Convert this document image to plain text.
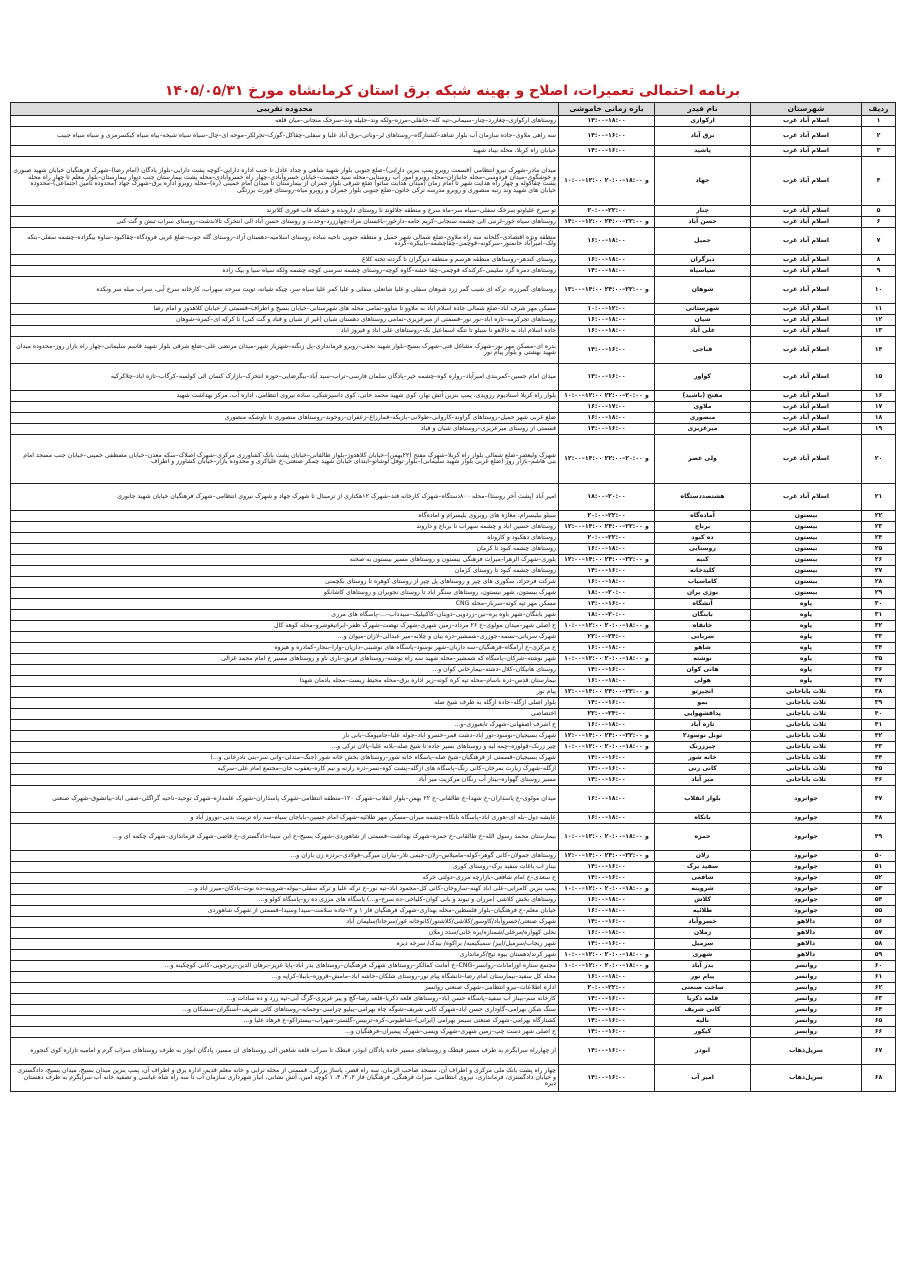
برنامه احتمالی تعمیرات، اصلاح و بهینه شبکه برق استان کرمانشاه مورخ ۱۴۰۵/۰۵/۳۱
ردیف	شهرستان	نام فیدر	بازه زمانی خاموشی	محدوده تقریبی
۱	اسلام آباد غرب	ارکوازی	۱۴:۰۰–۱۸:۰۰	روستاهای ارکوازی–چغازرد–چنار–سیمانی–تپه کله–خانقلی–مرزه–ولکه وند–جلیله وند–سرخک منجانی–میان قلعه
۲	اسلام آباد غرب	برق آباد	۱۴:۰۰–۱۶:۰۰	سه راهی ملاوی–جاده سازمان آب بلوار شاهد–کشتارگاه–روستاهای لر–وناتی–برق آباد علیا و سفلی–چقاکل–گورک–تجرلکر–موحه ای–چال–سیاه سیاه شیخه–بیاه سیاه کیکسرمزی و سیاه سیاه جبیب
۳	اسلام آباد غرب	پاشید	۱۴:۰۰–۱۶:۰۰	خیابان راه کربلا، محله بیناد شهید
۴	اسلام آباد غرب	جهاد	۱۰:۰۰–۱۲:۰۰ و ۱۸:۰۰–۲۰:۰۰	میدان مادر–شهرک نیرو انتظامی (قسمت روبرو پمپ بنزین دارایی)–ضلع جنوبی بلوار شهید شاهی و جداد عادل تا جنب اداره دارایی–کوچه پشت دارایی–بلوار پادگان (امام رضا)–شهرک فرهنگیان خیابان شهید صبوری و خوشگوی–میدان فردوسی–محله جانبازان–محله روبرو امور آب روستایی–محله سید حشمت–خیابان خسروآبادی–چهار راه خسروآبادی–محله پشت بیمارستان جنب دیوار بیمارستان–بلوار معلم تا چهار راه محله پشت چقاکوله و چهار راه هدایت شهر تا امام زمان (میدان هدایت ساتو) ضلع شرقی بلوار جمران از بیمارستان تا میدان امام خمینی (ره)–محله روبرو اداره برق–شهرک جهاد (محدوده تامین اجتماعی)–محدوده خیابان های شهید وند رتبه منصوری و روبرو مدرسه ترکی خاتون–ضلع جنوبی بلوار جمران و روبرو میاه–روستای قورت برزنگی
۵	اسلام آباد غرب	چنار	۲۰:۰۰–۲۲:۰۰	تو سرخ علیاوتو سرخک سفلی–سیاه سر–ماه سرخ و منطقه جلالوند تا روستای دارونده و خشکه قاب قوری کلاترند
۶	اسلام آباد غرب	حسن آباد	۱۴:۰۰–۱۲:۰۰ و ۲۲:۰۰–۲۴:۰۰	روستاهای سیاه خور–لرنبی الی چشمه سنجابی–کریم حامه–دارخور–باغستان مراد–چهارزرد–وحدت و روستای حسن آباد الی انتخرک تالاندشت–روستای سراب تبش و گت کنی
۷	اسلام آباد غرب	حمیل	۱۶:۰۰–۱۸:۰۰	منطقه ونژه اقتصادی–گلخانه سه راه ملاوی–ضلع شمالی شهر حمیل و منطقه جنوبی ناحیه ساده روستای اسلامیه–دهستان آزاد–روستای گله جوب–ضلع غربی فرودگاه–چقاکبود–ساوه بیگزاده–چشمه سفلی–بنکه ولک–امیرآباد خانمنور–سرکونه–قوچمی–چقاچشمه–بابیکره–کرده
۸	اسلام آباد غرب	دیزگران	۱۶:۰۰–۱۸:۰۰	روستای کندهر–روستاهای منطقه هرسم و منطقه دیزگران تا گردنه تخته کلاغ
۹	اسلام آباد غرب	سیاسیاه	۱۴:۰۰–۱۸:۰۰	روستاهای دمره گرد سلیمی–کرکندکه قوچمی–چقا حشه–گاوه کوچه–روستای چشمه سرسی کوچه چشمه ولکه سیاه سیا و بیک زاده
۱۰	اسلام آباد غرب	شوهان	۱۲:۰۰–۱۴:۰۰ و ۲۲:۰۰–۲۴:۰۰	روستاهای گمرزره، ترکه ای شیب گمر زرد شوهان سفلی و علیا شانعلی سفلی و علیا کمر علیا سیاه سر، چیکه شیانه، تویت سرحه سهراب، کارخانه سرخ آبی، سراب میله سر ونکده
۱۱	اسلام آباد غرب	شهرستانی	۱۰:۰۰–۱۲:۰۰	مسکن مهر شرف اباد–ضلع شمالی جاده اسلام اباد به ملاوو تا ساوو–تمامی محله های شهرستانی–خیابان بسیج و اطراف–قسمتی از خیابان کلاهدوز و امام رضا
۱۲	اسلام آباد غرب	شیان	۱۶:۰۰–۱۸:۰۰	روستاهای تجرکرمه–تازه اباد–نور نور–قسمتی از میرعزیزی–تمامی روستاهای دهستان شیان (غیر از شیان و قباد و گت کنی) تا کرکه ای–کمره–شوهان
۱۳	اسلام آباد غرب	علی آباد	۱۶:۰۰–۱۸:۰۰	جاده اسلام اباد به دالاهو تا سیلو تا تنگه اسماعیل بک–روستاهای علی اباد و قیروز اباد
۱۴	اسلام آباد غرب	قباجی	۱۴:۰۰–۱۶:۰۰	بدره ای–مسکن مهر نور–شهرک مشاغل فنی–شهرک بسیج–بلوار شهید نجفی–روبرو فرماندازی–پل زنگنه–شهریار شهر–میدان مرتضی علی–ضلع شرقی بلوار شهید قاسم سلیمانی–چهار راه بازار روز–محدوده میدان شهید بهشتی و بلوار پیام نور
۱۵	اسلام آباد غرب	کواور	۱۴:۰۰–۱۶:۰۰	میدان امام حسین–کمربندی امیرآباد–رواره کوه–چشمه خیر–پادگان سلمان فارسی–تراب–سید آباد–بیگرضایی–حوزه انتخرک–بازارک کسان الی کولسه–کرگاب–تازه اباد–چلاکرکیه
۱۶	اسلام آباد غرب	مفتح (باشید)	۱۰:۰۰–۱۲:۰۰ و ۲۰:۰۰–۲۲:۰۰	بلوار راه کربلا استادیوم رزویدی، پمپ بنزین آتش نهار، کوی شهید محمد خانی، کوی داسپزشکی، ساده نیروی انتظامی، اداره آب، مرکز بهداشت شهید
۱۷	اسلام آباد غرب	ملاوی	۱۶:۰۰–۱۷:۰۰	
۱۸	اسلام آباد غرب	منصوری	۱۶:۰۰–۱۸:۰۰	ضلع غربی شهر حمیل–روستاهای گراوند–کاروانی–طولانی–بازیکه–قمارزاغ–زعفران–روخوند–روستاهای منصوری تا ناوشکه منصوری
۱۹	اسلام آباد غرب	میرعزیزی	۱۴:۰۰–۱۶:۰۰	قسمتی از روستای میرعزیزی–روستاهای شیان و قباد
۲۰	اسلام آباد غرب	ولی عصر	۱۲:۰۰–۱۴:۰۰ و ۲۰:۰۰–۲۲:۰۰	شهرک ولیعصر–ضلع شمالی بلوار راه کربلا–شهرک مفتح (۲۲بهمن)–خیابان کلاهدوز–بلوار طالقانی–خیابان پشت بانک کشاورزی مرکزی–شهرک اصلاک–سکه معدن–خیابان مصطفی خمینی–خیابان جنب مسجد امام بنی هاشم–بازار روز (ضلع غربی بلوار شهید سلیمانی)–بلوار توفل لوشاتو–ابتدای خیابان شهید چمکر صنعتی–خ علیاکری و محدوده بازار–خیابان کشاورز و اطراف
۲۱	اسلام آباد غرب	هشتصددستگاه	۱۸:۰۰–۲۰:۰۰	امیر آباد (پشت آخر روستا)–محله ۸۰۰دستگاه–شهرک کارخانه قند–شهرک ۱۲هکتاری از ترمینال تا شهرک جهاد و شهرک نیروی انتظامی–شهرک فرهنگیان خیابان شهید جانوری
۲۲	بیستون	آماده‌گاه	۲۰:۰۰–۲۲:۰۰	سیلو بیلیسرام، مغازه های روبروی بلیسرام و اماده‌گاه
۲۳	بیستون	برناج	۱۲:۰۰–۱۴:۰۰ و ۲۲:۰۰–۲۴:۰۰	روستاهای حسین اباد و چشمه سهراب تا برناج و داروند
۲۴	بیستون	ده کبود	۲۰:۰۰–۲۲:۰۰	روستاهای دهکبود و کاروناه
۲۵	بیستون	روستایی	۱۶:۰۰–۱۸:۰۰	روستاهای چشمه کبود تا کرمان
۲۶	بیستون	کنبه	۱۲:۰۰–۱۴:۰۰ و ۲۲:۰۰–۲۴:۰۰	بلوری–شهرک الزهرا–میراث فرهنگی بیستون و روستاهای مسیر بیستون به صحنه
۲۷	بیستون	کلیدخانه	۱۴:۰۰–۱۶:۰۰	روستاهای چشمه کبود تا روستای کرمان
۲۸	بیستون	کاماسیاب	۱۶:۰۰–۱۸:۰۰	شرکت فرحزاد، سکوری های چپر و روستاهای پل چپر از روستای کوهره تا روستای بکچمنی
۲۹	بیستون	نوژی بران	۱۸:۰۰–۲۰:۰۰	شهرک بیستون، شهر بیستون، روستاهای سنگر اباد تا روستای نجوبران و روستاهای کاشانکو
۳۰	پاوه	آتشگاه	۱۴:۰۰–۱۶:۰۰	مسکن مهر تپه کوته–سرباز–محله CNG
۳۱	پاوه	بابنگان	۱۸:۰۰–۲۰:۰۰	شهر بابنگان–شهر باوه بره–نین–زردویی–دوینان–کاکبیلیک–سیدداب–...–پاسگاه های مرزی
۳۲	پاوه	خانقاه	۱۰:۰۰–۱۲:۰۰ و ۱۸:۰۰–۲۰:۰۰	خ اصلی شهر–میدان مولوی–خ ۲۶ مرداد–زمین شهری–شهرک نهضت–شهرک ظفر–ابراتیغوشرو–محله کوهه کال
۳۳	پاوه	سربانی	۲۲:۰۰–۲۴:۰۰	شهرک سربانی–نسمه–جوزری–شمشیر–دره بیان و چلانه–میر عبدالی–لازان–میوان و...
۳۴	پاوه	شاهو	۱۶:۰۰–۱۸:۰۰	خ مرکزی–خ آرامگاه–فرهنگیان–سه داربان–شهر نوسود–پاسگاه های نوشینی–داریان–وارا–بنجار–کمادره و هیروه
۳۵	پاوه	نوشته	۱۰:۰۰–۱۲:۰۰ و ۱۸:۰۰–۲۰:۰۰	شهر نوشته–شرکان–پاسگاه که شمشیر–محله شهید سه راه نوشته–روستاهای فرنق–ناری ناو و روستاهای مسیر خ امام محمد غزالی
۳۶	پاوه	هانی کوان	۱۴:۰۰–۱۶:۰۰	روستای هانیکان–کلال–دشته–بیمارخانی کوان و...
۳۷	پاوه	هولی	۱۶:۰۰–۱۸:۰۰	بیمارستان قدس–دره باسام–محله تپه کره کوته–زیر اداره برق–محله محیط زیست–محله یادمان شهدا
۳۸	ثلاث باباجانی	انجیرتو	۱۲:۰۰–۱۴:۰۰ و ۲۲:۰۰–۲۴:۰۰	پیام نور
۳۹	ثلاث باباجانی	بمو	۱۴:۰۰–۱۶:۰۰	بلوار اصلی ازگله–جاده ازگله به طرف شیخ صله
۴۰	ثلاث باباجانی	پداقشهوایی	۲۲:۰۰–۲۴:۰۰	اختصاصی
۴۱	ثلاث باباجانی	تازه آباد	۱۶:۰۰–۱۸:۰۰	خ اشرف اصفهانی–شهرک تابعیوری–و...
۴۲	ثلاث باباجانی	تونل نوسود۲	۱۲:۰۰–۱۴:۰۰ و ۲۲:۰۰–۲۴:۰۰	شهرک بسیجیان–نوسود–تور اباد–دشت قمر–خسرو اباد–جوله علیا–جامیومک–بانی نار
۴۳	ثلاث باباجانی	چیرزرنک	۱۰:۰۰–۱۲:۰۰ و ۱۸:۰۰–۲۰:۰۰	چیر زرنک–قولوره–چمه لیه و روستاهای بسیر جاده تا شیخ صله–بلانه علیا–پالان ترکی و...
۴۴	ثلاث باباجانی	خانه شور	۱۴:۰۰–۱۶:۰۰	شهرک بسیجیان–قسمتی از فرهنگیان–شیخ صله–پاسگاه خانه شور–روستاهای بخش خانه شور (جنگ–مندلی–وانی سر–بنی نادرخانی و...)
۴۵	ثلاث باباجانی	کانی زنی	۱۴:۰۰–۱۶:۰۰	ازگله–شهرک زیارت نمرخان–کانی رنگ–پاسگاه های ازگله–پشت کوه–نسر–دره رازنه و نیم کاره–یعقوب جان–مجتمع امام علی–سرکیه
۴۶	ثلاث باباجانی	میر آباد	۱۴:۰۰–۱۶:۰۰	مسیر روستای گهواره–بیناز آب رنگان مرکزیت میر آباد
۴۷	جوانرود	بلوار انقلاب	۱۶:۰۰–۱۸:۰۰	میدان مولوی–خ پاسداران–خ شهدا–خ طالقانی–خ ۲۲ بهمن–بلوار انقلاب–شهرک ۱۲۰–منطقه انتظامی–شهرک پاسداران–شهرک علمداره–شهرک توحید–ناحیه گراگلی–صفی اباد–بیاتشوق–شهرک صنعتی
۴۸	جوانرود	بانکاه	۱۶:۰۰–۱۸:۰۰	عایشه دول–بله ای–هوری اباد–پاسگاه بانکاه–چشمه میران–مسکن مهر طلائیه–شهرک امام حسین–باباجان سیاه–سه راه تربیت بدنی–نوروز آباد و
۴۹	جوانرود	حمزه	۱۰:۰۰–۱۲:۰۰ و ۱۸:۰۰–۲۰:۰۰	بیمارستان محمد رسول الله–خ طالقانی–خ حمزه–شهرک بهداشت–قسمتی از شاهوردی–شهرک بسیج–خ ابن سینا–دادگستری–خ قاضی–شهرک فرماندازی–شهرک چکمه ای و...
۵۰	جوانرود	زلان	۱۲:۰۰–۱۴:۰۰ و ۲۲:۰۰–۲۴:۰۰	روستاهای جمولان–کانی گوهر–کوله–مامیلاس–زلان–جیمی تلار–نیاران میرگی–قولادی–بردزه زن بازان و...
۵۱	جوانرود	سفید برک	۱۴:۰۰–۱۶:۰۰	بیناز اب باغات سفید برک–روستای کوری
۵۲	جوانرود	شافعی	۱۴:۰۰–۱۶:۰۰	خ سعدی–خ امام شافعی–بازارچه مرزی–دولتی خرکه
۵۳	جوانرود	شروینه	۱۰:۰۰–۱۲:۰۰ و ۱۸:۰۰–۲۰:۰۰	پمپ بنزین کامرانی–علی اباد کهنه–ساروخان–کانی کل–محمود اباد–تپه نور–خ ترکه علیا و ترکه سفلی–بیوله–شروینه–ده نوت–بادکان–میرز اباد و...
۵۴	جوانرود	کلاش	۱۶:۰۰–۱۸:۰۰	روستاهای بخش کلاشی (مرزان و نیوند و بانی کوان–کلیاخی–ده سرخ–و...) پاسگاه های مرزی ده رو–پاسگاه کولو و...
۵۵	جوانرود	طلائیه	۱۶:۰۰–۱۸:۰۰	خیابان معلم–خ فرهنگیان–بلوار فلسطین–محله بهداری–شهرک فرهنگیان فاز ۱ و ۲–جاده سلامت–سیدا وسیدا–قسمتی از شهرک شاهوردی
۵۶	دالاهو	خسروآباد	۱۴:۰۰–۱۶:۰۰	شهرک صنعتی/خسروآباد/کاوسور/کلاشی/کلاشتور/کانوخانه غور/سرجانا/سلیمان آباد
۵۷	دالاهو	زملان	۱۶:۰۰–۱۸:۰۰	نخلی کهواره/مرخلی/شمنازه/بره خانی/سدد زملان
۵۸	دالاهو	سرمیل	۱۴:۰۰–۱۶:۰۰	شهر ریجاب/سرمیل/ابیز/ سمیکیمیه/ براکوه/ بیدک/ سرخه دیزه
۵۹	دالاهو	شهری	۱۰:۰۰–۱۲:۰۰ و ۱۸:۰۰–۲۰:۰۰	شهر کرند/دهستان بیوه نیج/کرمانداری
۶۰	روانسر	بدر آباد	۱۰:۰۰–۱۲:۰۰ و ۱۸:۰۰–۲۰:۰۰	مجتمع ستاره اورامانات–روانسر–CNG–خ آمانت کمالکر–روستاهای شهرک فرهنگیان–روستاهای بدر اباد–پاپا عزیز–برهان الدین–زیرجوبی–کانی کوچکینه و...
۶۱	روانسر	پیام نور	۱۶:۰۰–۱۸:۰۰	محله کل سفید–بیمارستان امام رضا–دانشگاه پیام نور–روستای شلکان–خاشه اباد–مامش–قروزه–بابیلا–کراپه و...
۶۲	روانسر	ساخت صنعتی	۲۰:۰۰–۲۲:۰۰	اداره اطلاعات–نیرو انتظامی–شهرک صنعتی روانسر
۶۳	روانسر	قلعه ذکریا	۱۴:۰۰–۱۶:۰۰	کارخانه سم–بیناز آب سفید–پاسگاه حسن اباد–روستاهای قلعه ذکریا–قلعه رضا–گچ و پیر عزیزی–گرگ آبی–تپه زرد و ده سادات و...
۶۴	روانسر	کانی شریف	۱۴:۰۰–۱۶:۰۰	سنگ شکن بهرامی–گاوداری حسن اباد–شهرک کانی شریف–شوگه چاه بهرامی–ییلیو چراسی–وحمایه–روستاهای کانی شریف–آسنگران–سشکان و...
۶۵	روانسر	نالیه	۱۴:۰۰–۱۶:۰۰	کشتارگاه بهرامی–شهرک صنعتی سیمر بهرامی (ایرانی)–شاطیونی–کره–تربیس–گلستر–شهراب–بیستراکو–خ فرهاد علیا و...
۶۶	روانسر	کیکور	۱۴:۰۰–۱۶:۰۰	خ اصلی شهر دست چپ–زمین شهری–شهرک ویسی–شهرک پیمیران–فرهنگیان و...
۶۷	سرپل‌ذهاب	ابوذر	۱۴:۰۰–۱۶:۰۰	از چهارراه سرابگرم به طرف مسیر قبطک و روستاهای مسیر جاده پادگان ابوذر، قبطک تا سراب قلعه شاهین الی روستاهای ان مسیر، پادگان ابوذر به طرف روستاهای سراب گرم و امامیه تازاره کوی کنجوره
۶۸	سرپل‌ذهاب	امیر آب	۱۴:۰۰–۱۶:۰۰	چهار راه پشت بانک ملی مرکزی و اطراف آن، مسجد صاحب الزمان، سه راه قصر، پاساژ بزرگی، قسمتی از محله ترابی و خانه معلم قدیم، اداره برق و اطراف آن، پمپ بنزین میدان بسیج، میدان بسیج، دادگستری و خیابان دادگستری، فرمانداری، نیروی انتظامی، میراث فرهنگی، فرهنگیان فاز ۲، ۳، ۴، ۱ کوچه امین، آتش نشانی، انبار شهرداری سازمان آب تا سه راه شاه عباسی و تصفیه خانه آب سرابگرم به طرف دهستان دیره
